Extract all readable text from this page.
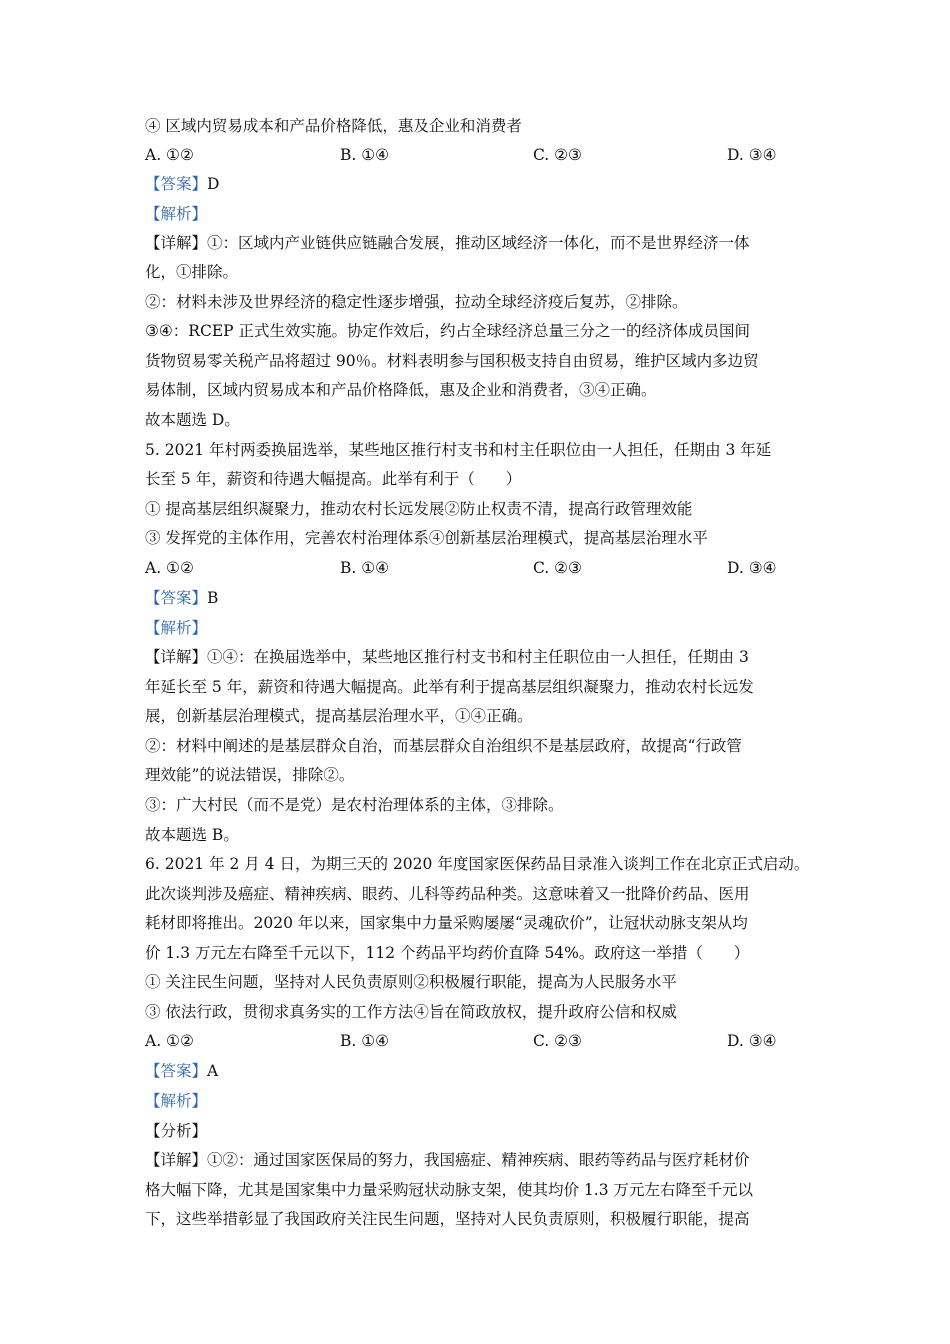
④ 区域内贸易成本和产品价格降低，惠及企业和消费者
A. ①②	B. ①④	C. ②③	D. ③④
【答案】D
【解析】
【详解】①：区域内产业链供应链融合发展，推动区域经济一体化，而不是世界经济一体
化，①排除。
②：材料未涉及世界经济的稳定性逐步增强，拉动全球经济疫后复苏，②排除。
③④：RCEP 正式生效实施。协定作效后，约占全球经济总量三分之一的经济体成员国间
货物贸易零关税产品将超过 90％。材料表明参与国积极支持自由贸易，维护区域内多边贸
易体制，区域内贸易成本和产品价格降低，惠及企业和消费者，③④正确。
故本题选 D。
5. 2021 年村两委换届选举，某些地区推行村支书和村主任职位由一人担任，任期由 3 年延
长至 5 年，薪资和待遇大幅提高。此举有利于（　　）
① 提高基层组织凝聚力，推动农村长远发展②防止权责不清，提高行政管理效能
③ 发挥党的主体作用，完善农村治理体系④创新基层治理模式，提高基层治理水平
A. ①②	B. ①④	C. ②③	D. ③④
【答案】B
【解析】
【详解】①④：在换届选举中，某些地区推行村支书和村主任职位由一人担任，任期由 3
年延长至 5 年，薪资和待遇大幅提高。此举有利于提高基层组织凝聚力，推动农村长远发
展，创新基层治理模式，提高基层治理水平，①④正确。
②：材料中阐述的是基层群众自治，而基层群众自治组织不是基层政府，故提高“行政管
理效能”的说法错误，排除②。
③：广大村民（而不是党）是农村治理体系的主体，③排除。
故本题选 B。
6. 2021 年 2 月 4 日，为期三天的 2020 年度国家医保药品目录准入谈判工作在北京正式启动。
此次谈判涉及癌症、精神疾病、眼药、儿科等药品种类。这意味着又一批降价药品、医用
耗材即将推出。2020 年以来，国家集中力量采购屡屡“灵魂砍价”，让冠状动脉支架从均
价 1.3 万元左右降至千元以下，112 个药品平均药价直降 54%。政府这一举措（　　）
① 关注民生问题，坚持对人民负责原则②积极履行职能，提高为人民服务水平
③ 依法行政，贯彻求真务实的工作方法④旨在简政放权，提升政府公信和权威
A. ①②	B. ①④	C. ②③	D. ③④
【答案】A
【解析】
【分析】
【详解】①②：通过国家医保局的努力，我国癌症、精神疾病、眼药等药品与医疗耗材价
格大幅下降，尤其是国家集中力量采购冠状动脉支架，使其均价 1.3 万元左右降至千元以
下，这些举措彰显了我国政府关注民生问题，坚持对人民负责原则，积极履行职能，提高
